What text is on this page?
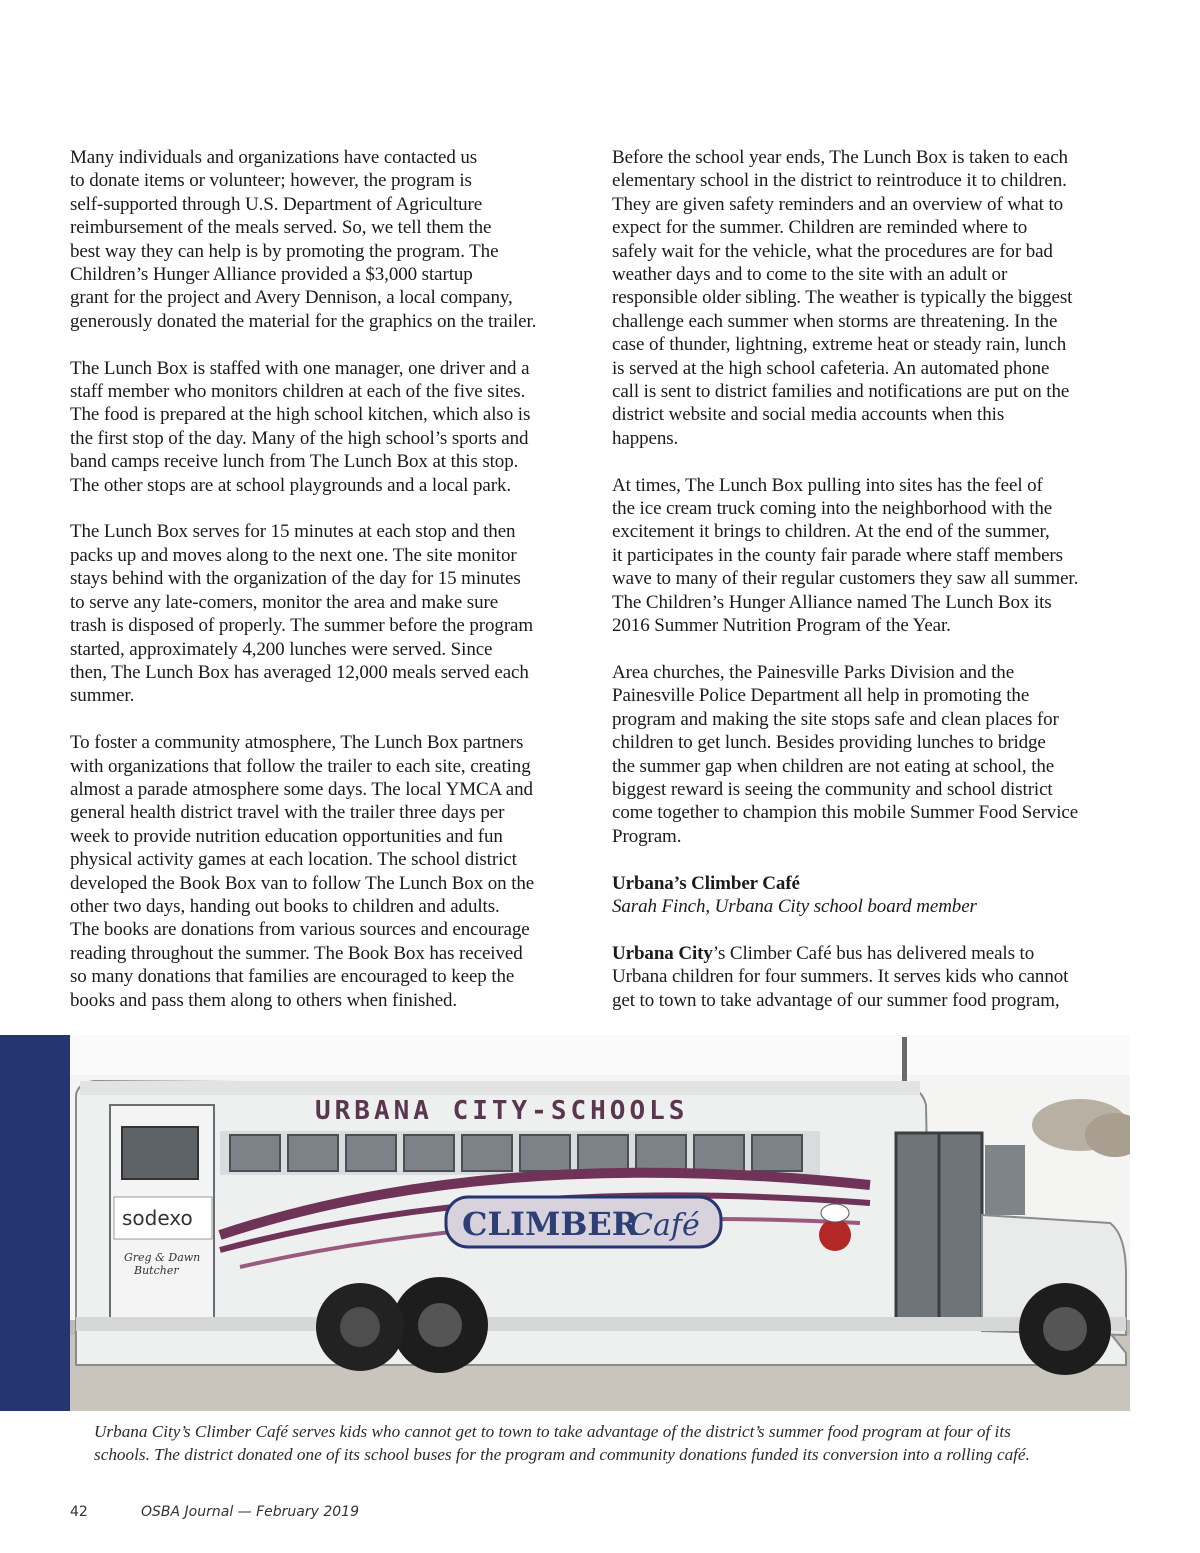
Many individuals and organizations have contacted us
to donate items or volunteer; however, the program is
self-supported through U.S. Department of Agriculture
reimbursement of the meals served. So, we tell them the
best way they can help is by promoting the program. The
Children’s Hunger Alliance provided a $3,000 startup
grant for the project and Avery Dennison, a local company,
generously donated the material for the graphics on the trailer.

The Lunch Box is staffed with one manager, one driver and a
staff member who monitors children at each of the five sites.
The food is prepared at the high school kitchen, which also is
the first stop of the day. Many of the high school’s sports and
band camps receive lunch from The Lunch Box at this stop.
The other stops are at school playgrounds and a local park.

The Lunch Box serves for 15 minutes at each stop and then
packs up and moves along to the next one. The site monitor
stays behind with the organization of the day for 15 minutes
to serve any late-comers, monitor the area and make sure
trash is disposed of properly. The summer before the program
started, approximately 4,200 lunches were served. Since
then, The Lunch Box has averaged 12,000 meals served each
summer.

To foster a community atmosphere, The Lunch Box partners
with organizations that follow the trailer to each site, creating
almost a parade atmosphere some days. The local YMCA and
general health district travel with the trailer three days per
week to provide nutrition education opportunities and fun
physical activity games at each location. The school district
developed the Book Box van to follow The Lunch Box on the
other two days, handing out books to children and adults.
The books are donations from various sources and encourage
reading throughout the summer. The Book Box has received
so many donations that families are encouraged to keep the
books and pass them along to others when finished.

Before the school year ends, The Lunch Box is taken to each
elementary school in the district to reintroduce it to children.
They are given safety reminders and an overview of what to
expect for the summer. Children are reminded where to
safely wait for the vehicle, what the procedures are for bad
weather days and to come to the site with an adult or
responsible older sibling. The weather is typically the biggest
challenge each summer when storms are threatening. In the
case of thunder, lightning, extreme heat or steady rain, lunch
is served at the high school cafeteria. An automated phone
call is sent to district families and notifications are put on the
district website and social media accounts when this
happens.

At times, The Lunch Box pulling into sites has the feel of
the ice cream truck coming into the neighborhood with the
excitement it brings to children. At the end of the summer,
it participates in the county fair parade where staff members
wave to many of their regular customers they saw all summer.
The Children’s Hunger Alliance named The Lunch Box its
2016 Summer Nutrition Program of the Year.

Area churches, the Painesville Parks Division and the
Painesville Police Department all help in promoting the
program and making the site stops safe and clean places for
children to get lunch. Besides providing lunches to bridge
the summer gap when children are not eating at school, the
biggest reward is seeing the community and school district
come together to champion this mobile Summer Food Service
Program.

Urbana’s Climber Café
Sarah Finch, Urbana City school board member

Urbana City’s Climber Café bus has delivered meals to
Urbana children for four summers. It serves kids who cannot
get to town to take advantage of our summer food program,

CLIMBER
Café
sodexo
Greg & Dawn
Butcher
URBANA CITY-SCHOOLS
Urbana City’s Climber Café serves kids who cannot get to town to take advantage of the district’s summer food program at four of its
schools. The district donated one of its school buses for the program and community donations funded its conversion into a rolling café.
42	OSBA Journal — February 2019
